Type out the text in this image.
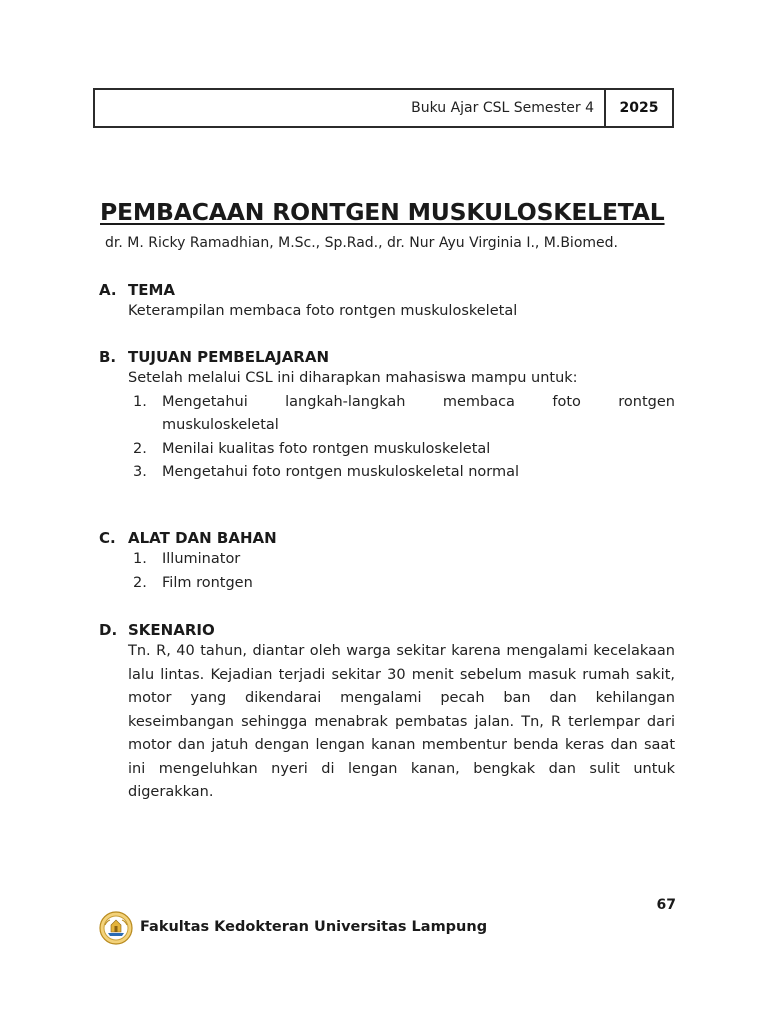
Buku Ajar CSL Semester 4	2025
PEMBACAAN RONTGEN MUSKULOSKELETAL

dr. M. Ricky Ramadhian, M.Sc., Sp.Rad., dr. Nur Ayu Virginia I., M.Biomed.

A. TEMA
Keterampilan membaca foto rontgen muskuloskeletal
B. TUJUAN PEMBELAJARAN
Setelah melalui CSL ini diharapkan mahasiswa mampu untuk:
1.	Mengetahui langkah-langkah membaca foto rontgen
muskuloskeletal
2.	Menilai kualitas foto rontgen muskuloskeletal
3.	Mengetahui foto rontgen muskuloskeletal normal
C. ALAT DAN BAHAN
1.	Illuminator
2.	Film rontgen
D. SKENARIO
Tn. R, 40 tahun, diantar oleh warga sekitar karena mengalami kecelakaan lalu lintas. Kejadian terjadi sekitar 30 menit sebelum masuk rumah sakit, motor yang dikendarai mengalami pecah ban dan kehilangan keseimbangan sehingga menabrak pembatas jalan. Tn, R terlempar dari motor dan jatuh dengan lengan kanan membentur benda keras dan saat ini mengeluhkan nyeri di lengan kanan, bengkak dan sulit untuk digerakkan.
67
Fakultas Kedokteran Universitas Lampung
